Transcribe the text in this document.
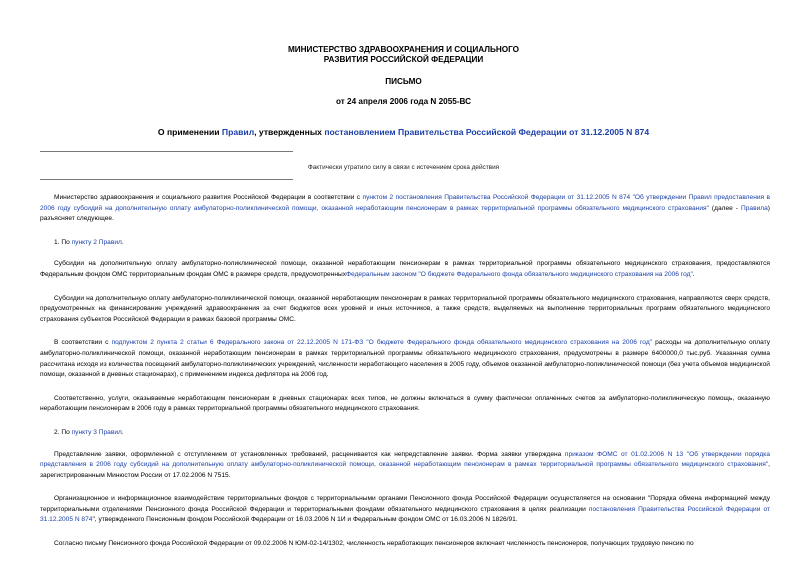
МИНИСТЕРСТВО ЗДРАВООХРАНЕНИЯ И СОЦИАЛЬНОГО
РАЗВИТИЯ РОССИЙСКОЙ ФЕДЕРАЦИИ
ПИСЬМО
от 24 апреля 2006 года N 2055-ВС
О применении Правил, утвержденных постановлением Правительства Российской Федерации от 31.12.2005 N 874
Фактически утратило силу в связи с истечением срока действия

Министерство здравоохранения и социального развития Российской Федерации в соответствии с пунктом 2 постановления Правительства Российской Федерации от 31.12.2005 N 874 "Об утверждении Правил предоставления в 2006 году субсидий на дополнительную оплату амбулаторно-поликлинической помощи, оказанной неработающим пенсионерам в рамках территориальной программы обязательного медицинского страхования" (далее - Правила) разъясняет следующее.

1. По пункту 2 Правил.

Субсидии на дополнительную оплату амбулаторно-поликлинической помощи, оказанной неработающим пенсионерам в рамках территориальной программы обязательного медицинского страхования, предоставляются Федеральным фондом ОМС территориальным фондам ОМС в размере средств, предусмотренныхФедеральным законом "О бюджете Федерального фонда обязательного медицинского страхования на 2006 год".

Субсидии на дополнительную оплату амбулаторно-поликлинической помощи, оказанной неработающим пенсионерам в рамках территориальной программы обязательного медицинского страхования, направляются сверх средств, предусмотренных на финансирование учреждений здравоохранения за счет бюджетов всех уровней и иных источников, а также средств, выделяемых на выполнение территориальных программ обязательного медицинского страхования субъектов Российской Федерации в рамках базовой программы ОМС.

В соответствии с подпунктом 2 пункта 2 статьи 6 Федерального закона от 22.12.2005 N 171-ФЗ "О бюджете Федерального фонда обязательного медицинского страхования на 2006 год" расходы на дополнительную оплату амбулаторно-поликлинической помощи, оказанной неработающим пенсионерам в рамках территориальной программы обязательного медицинского страхования, предусмотрены в размере 6400000,0 тыс.руб. Указанная сумма рассчитана исходя из количества посещений амбулаторно-поликлинических учреждений, численности неработающего населения в 2005 году, объемов оказанной амбулаторно-поликлинической помощи (без учета объемов медицинской помощи, оказанной в дневных стационарах), с применением индекса дефлятора на 2006 год.

Соответственно, услуги, оказываемые неработающим пенсионерам в дневных стационарах всех типов, не должны включаться в сумму фактически оплаченных счетов за амбулаторно-поликлиническую помощь, оказанную неработающим пенсионерам в 2006 году в рамках территориальной программы обязательного медицинского страхования.

2. По пункту 3 Правил.

Представление заявки, оформленной с отступлением от установленных требований, расценивается как непредставление заявки. Форма заявки утверждена приказом ФОМС от 01.02.2006 N 13 "Об утверждении порядка представления в 2006 году субсидий на дополнительную оплату амбулаторно-поликлинической помощи, оказанной неработающим пенсионерам в рамках территориальной программы обязательного медицинского страхования", зарегистрированным Минюстом России от 17.02.2006 N 7515.

Организационное и информационное взаимодействие территориальных фондов с территориальными органами Пенсионного фонда Российской Федерации осуществляется на основании "Порядка обмена информацией между территориальными отделениями Пенсионного фонда Российской Федерации и территориальными фондами обязательного медицинского страхования в целях реализации постановления Правительства Российской Федерации от 31.12.2005 N 874", утвержденного Пенсионным фондом Российской Федерации от 16.03.2006 N 1И и Федеральным фондом ОМС от 16.03.2006 N 1826/91.

Согласно письму Пенсионного фонда Российской Федерации от 09.02.2006 N ЮМ-02-14/1302, численность неработающих пенсионеров включает численность пенсионеров, получающих трудовую пенсию по
